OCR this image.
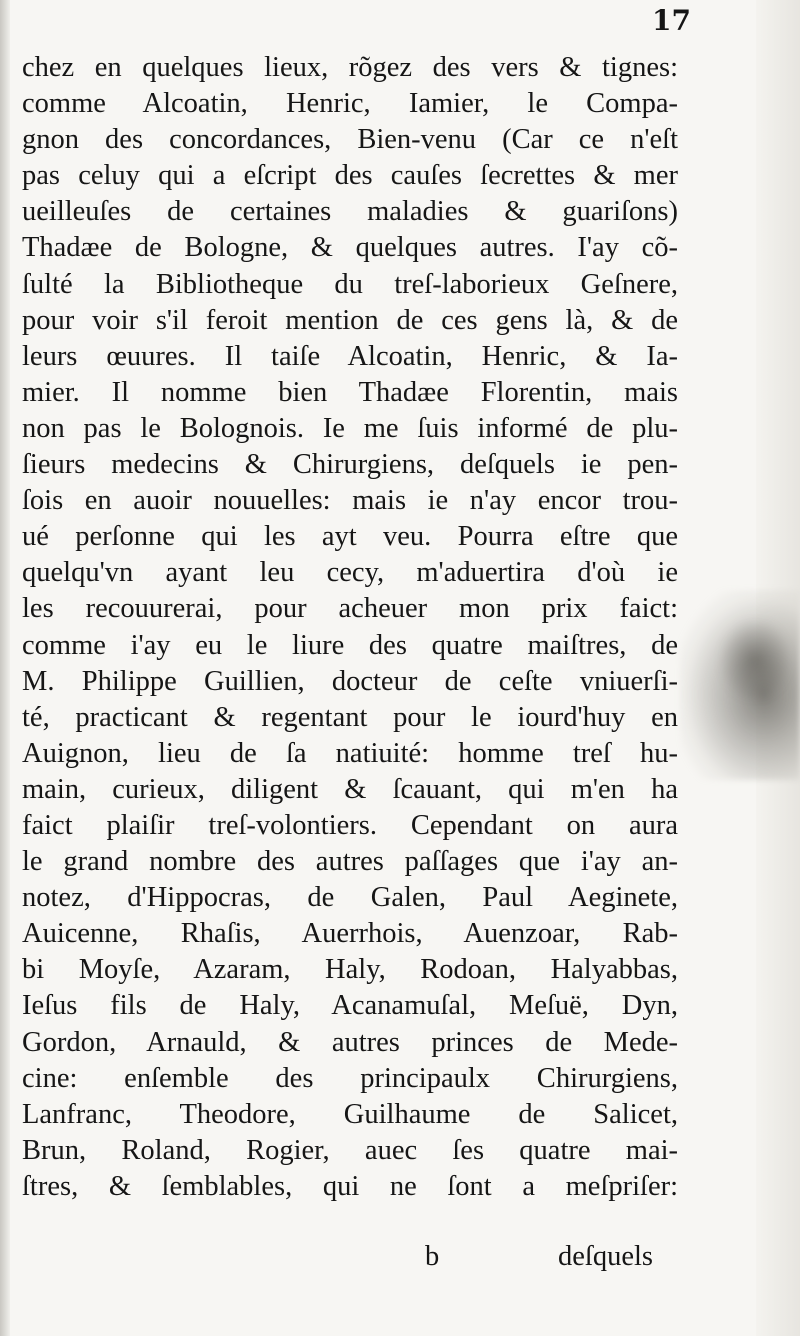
17
chez en quelques lieux, rõgez des vers & tignes:
comme Alcoatin, Henric, Iamier, le Compa-
gnon des concordances, Bien-venu (Car ce n'eſt
pas celuy qui a eſcript des cauſes ſecrettes & mer
ueilleuſes de certaines maladies & guariſons)
Thadæe de Bologne, & quelques autres. I'ay cõ-
ſulté la Bibliotheque du treſ-laborieux Geſnere,
pour voir s'il feroit mention de ces gens là, & de
leurs œuures. Il taiſe Alcoatin, Henric, & Ia-
mier. Il nomme bien Thadæe Florentin, mais
non pas le Bolognois. Ie me ſuis informé de plu-
ſieurs medecins & Chirurgiens, deſquels ie pen-
ſois en auoir nouuelles: mais ie n'ay encor trou-
ué perſonne qui les ayt veu. Pourra eſtre que
quelqu'vn ayant leu cecy, m'aduertira d'où ie
les recouurerai, pour acheuer mon prix faict:
comme i'ay eu le liure des quatre maiſtres, de
M. Philippe Guillien, docteur de ceſte vniuerſi-
té, practicant & regentant pour le iourd'huy en
Auignon, lieu de ſa natiuité: homme treſ hu-
main, curieux, diligent & ſcauant, qui m'en ha
faict plaiſir treſ-volontiers. Cependant on aura
le grand nombre des autres paſſages que i'ay an-
notez, d'Hippocras, de Galen, Paul Aeginete,
Auicenne, Rhaſis, Auerrhois, Auenzoar, Rab-
bi Moyſe, Azaram, Haly, Rodoan, Halyabbas,
Ieſus fils de Haly, Acanamuſal, Meſuë, Dyn,
Gordon, Arnauld, & autres princes de Mede-
cine: enſemble des principaulx Chirurgiens,
Lanfranc, Theodore, Guilhaume de Salicet,
Brun, Roland, Rogier, auec ſes quatre mai-
ſtres, & ſemblables, qui ne ſont a meſpriſer:
b	deſquels
